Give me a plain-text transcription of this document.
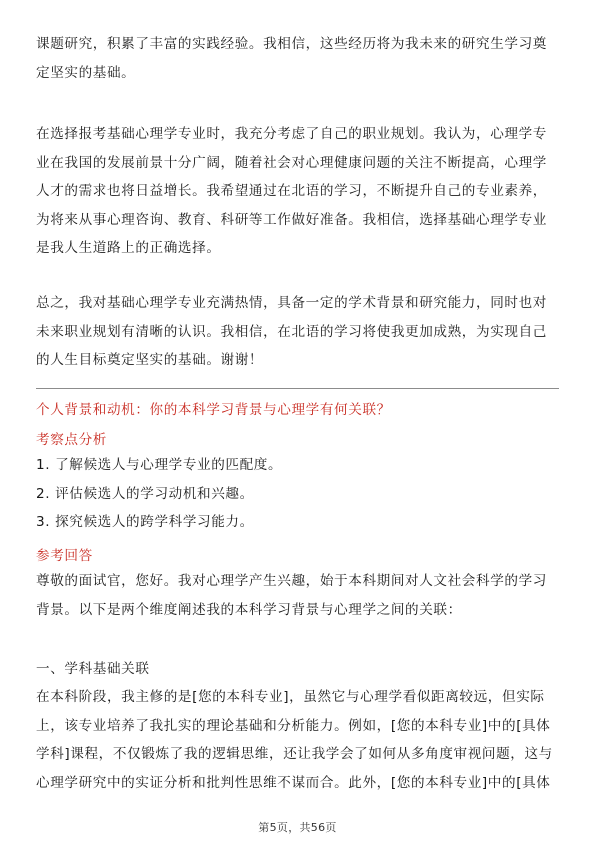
课题研究，积累了丰富的实践经验。我相信，这些经历将为我未来的研究生学习奠
定坚实的基础。
在选择报考基础心理学专业时，我充分考虑了自己的职业规划。我认为，心理学专
业在我国的发展前景十分广阔，随着社会对心理健康问题的关注不断提高，心理学
人才的需求也将日益增长。我希望通过在北语的学习，不断提升自己的专业素养，
为将来从事心理咨询、教育、科研等工作做好准备。我相信，选择基础心理学专业
是我人生道路上的正确选择。
总之，我对基础心理学专业充满热情，具备一定的学术背景和研究能力，同时也对
未来职业规划有清晰的认识。我相信，在北语的学习将使我更加成熟，为实现自己
的人生目标奠定坚实的基础。谢谢！
个人背景和动机：你的本科学习背景与心理学有何关联？
考察点分析
1. 了解候选人与心理学专业的匹配度。
2. 评估候选人的学习动机和兴趣。
3. 探究候选人的跨学科学习能力。
参考回答
尊敬的面试官，您好。我对心理学产生兴趣，始于本科期间对人文社会科学的学习
背景。以下是两个维度阐述我的本科学习背景与心理学之间的关联：
一、学科基础关联
在本科阶段，我主修的是[您的本科专业]，虽然它与心理学看似距离较远，但实际
上，该专业培养了我扎实的理论基础和分析能力。例如，[您的本科专业]中的[具体
学科]课程，不仅锻炼了我的逻辑思维，还让我学会了如何从多角度审视问题，这与
心理学研究中的实证分析和批判性思维不谋而合。此外，[您的本科专业]中的[具体
第5页，共56页
